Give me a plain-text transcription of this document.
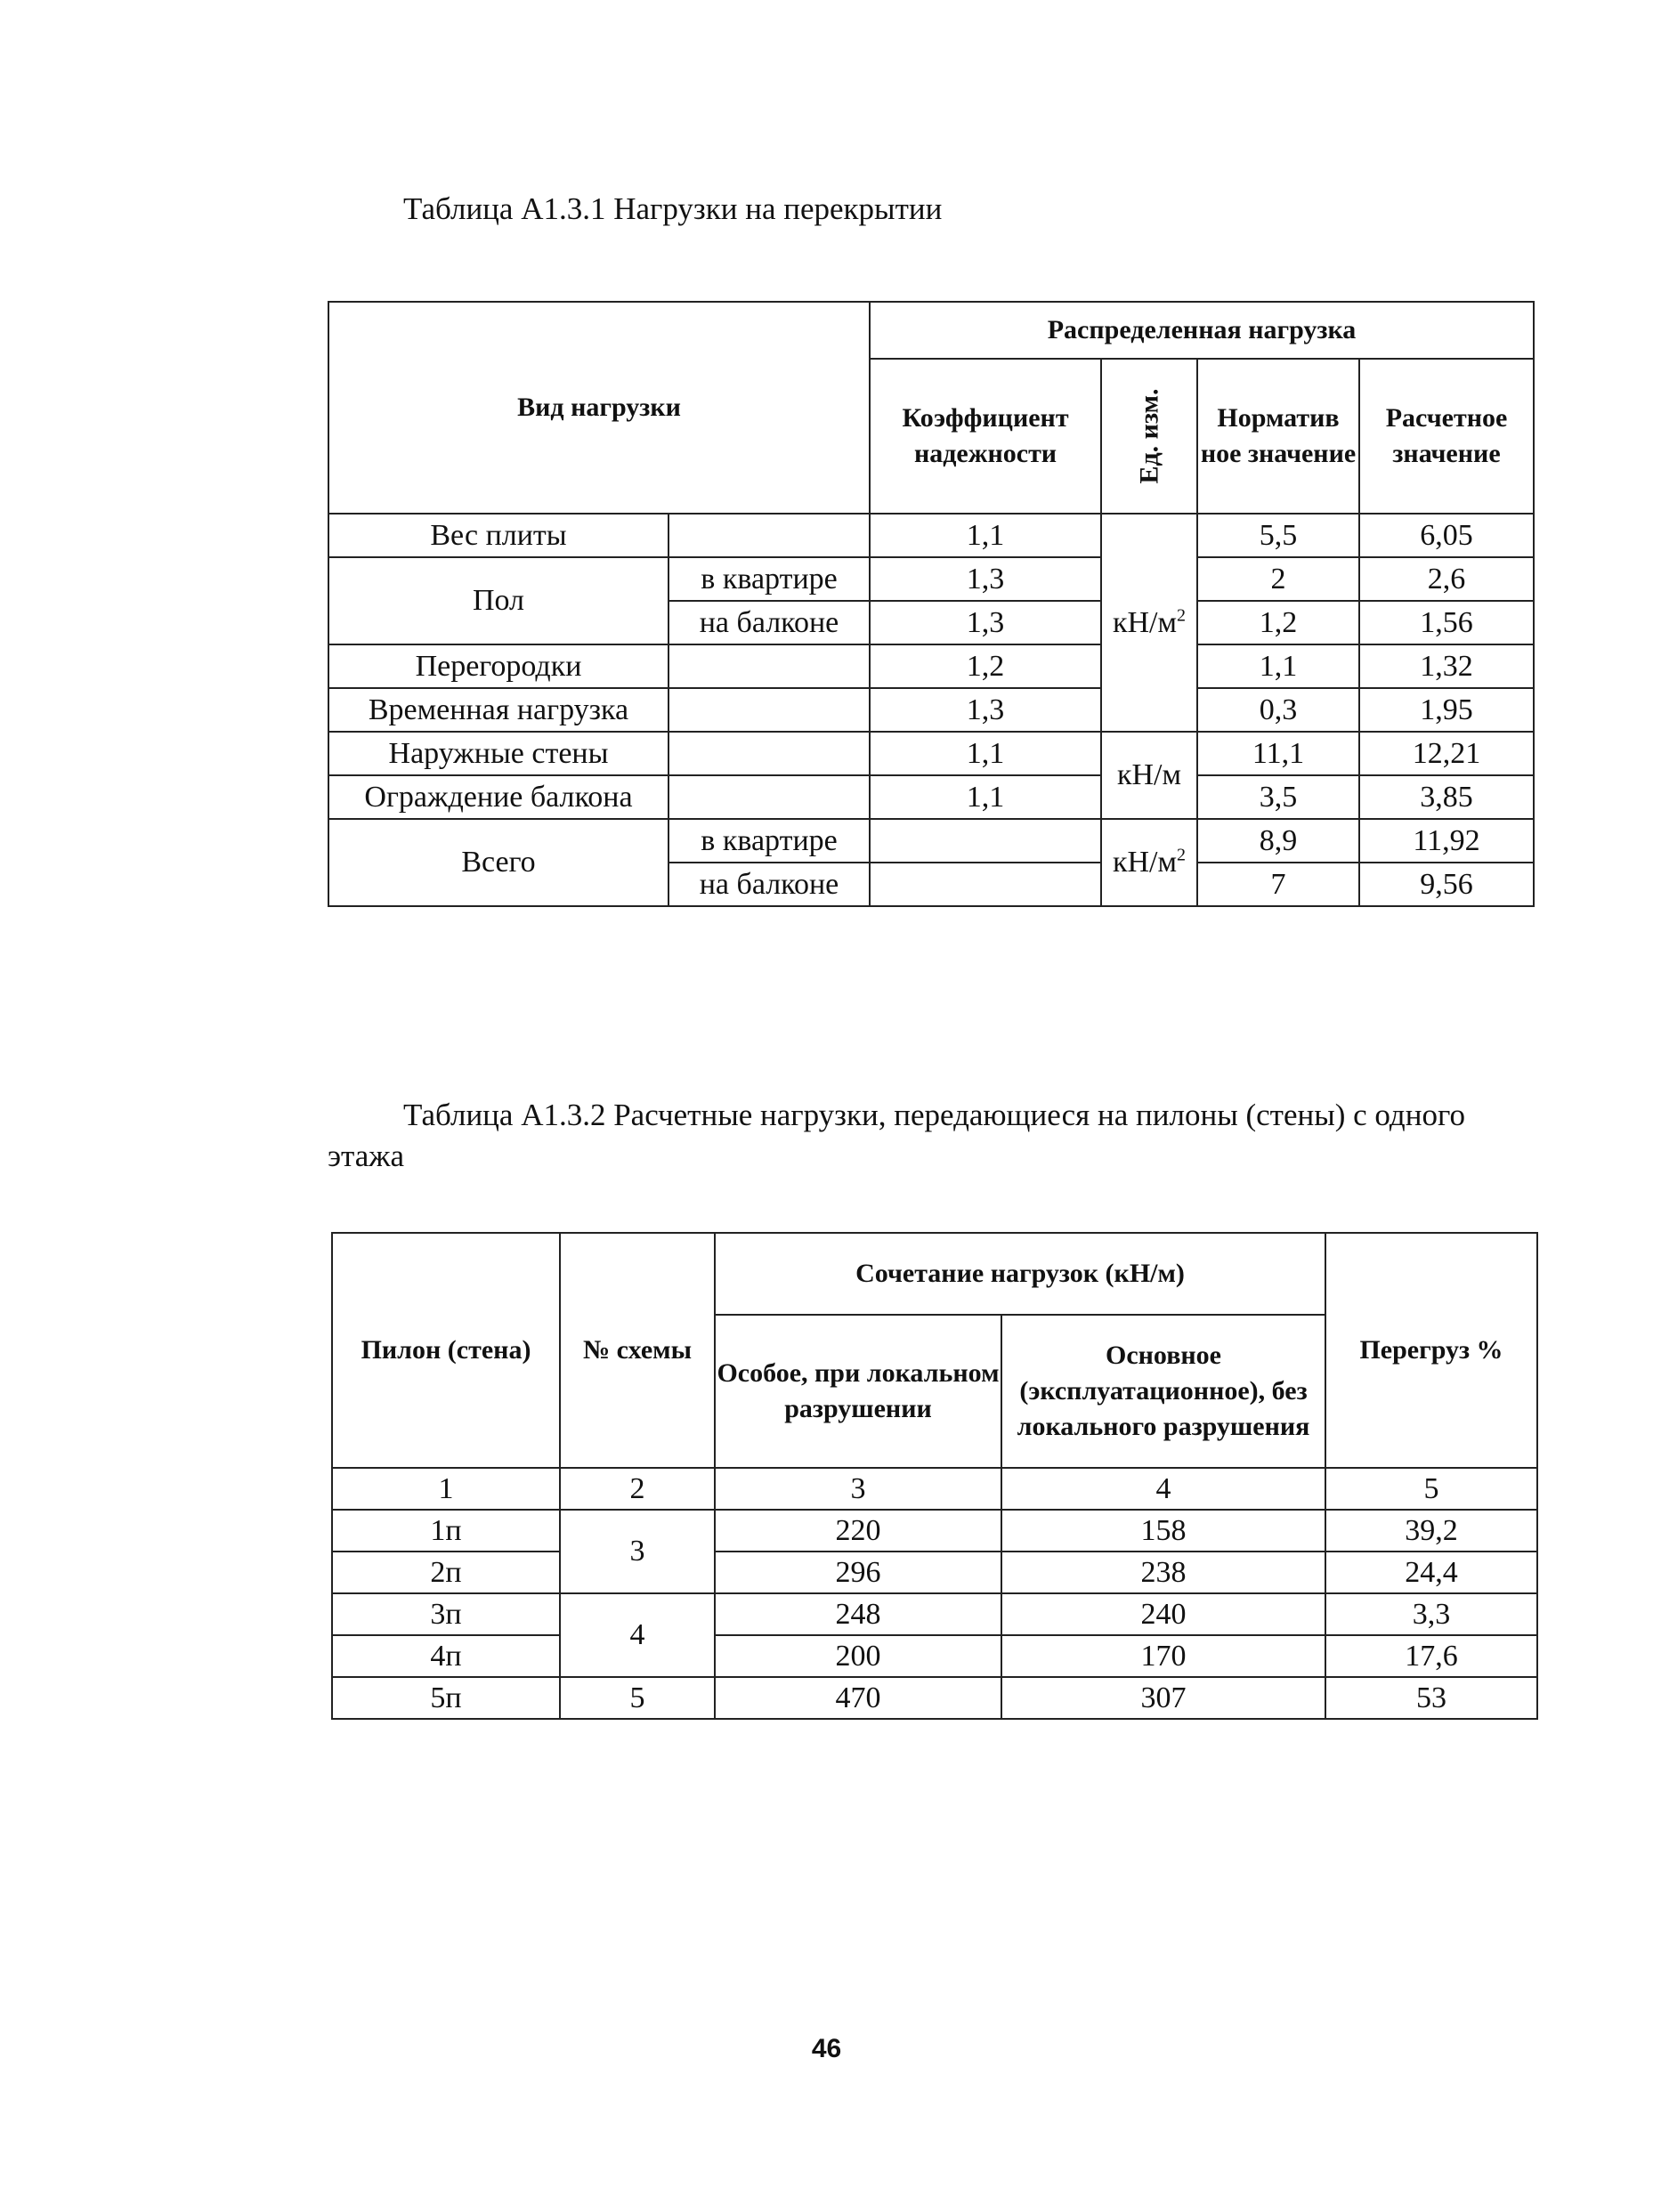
Таблица А1.3.1 Нагрузки на перекрытии

Вид нагрузки		Распределенная нагрузка			
		Коэффициент надежности	Ед. изм.	Норматив ное значение	Расчетное значение
Вес плиты		1,1	$кН/м^2$	5,5	6,05
Пол	в квартире	1,3		2	2,6
	на балконе	1,3		1,2	1,56
Перегородки		1,2		1,1	1,32
Временная нагрузка		1,3		0,3	1,95
Наружные стены		1,1	кН/м	11,1	12,21
Ограждение балкона		1,1		3,5	3,85
Всего	в квартире		$кН/м^2$	8,9	11,92
	на балконе			7	9,56

Таблица А1.3.2 Расчетные нагрузки, передающиеся на пилоны (стены) с одного этажа

Пилон (стена)	№ схемы	Сочетание нагрузок (кН/м)		Перегруз %
		Особое, при локальном разрушении	Основное (эксплуатационное), без локального разрушения	
1	2	3	4	5
1п	3	220	158	39,2
2п		296	238	24,4
3п	4	248	240	3,3
4п		200	170	17,6
5п	5	470	307	53
46
